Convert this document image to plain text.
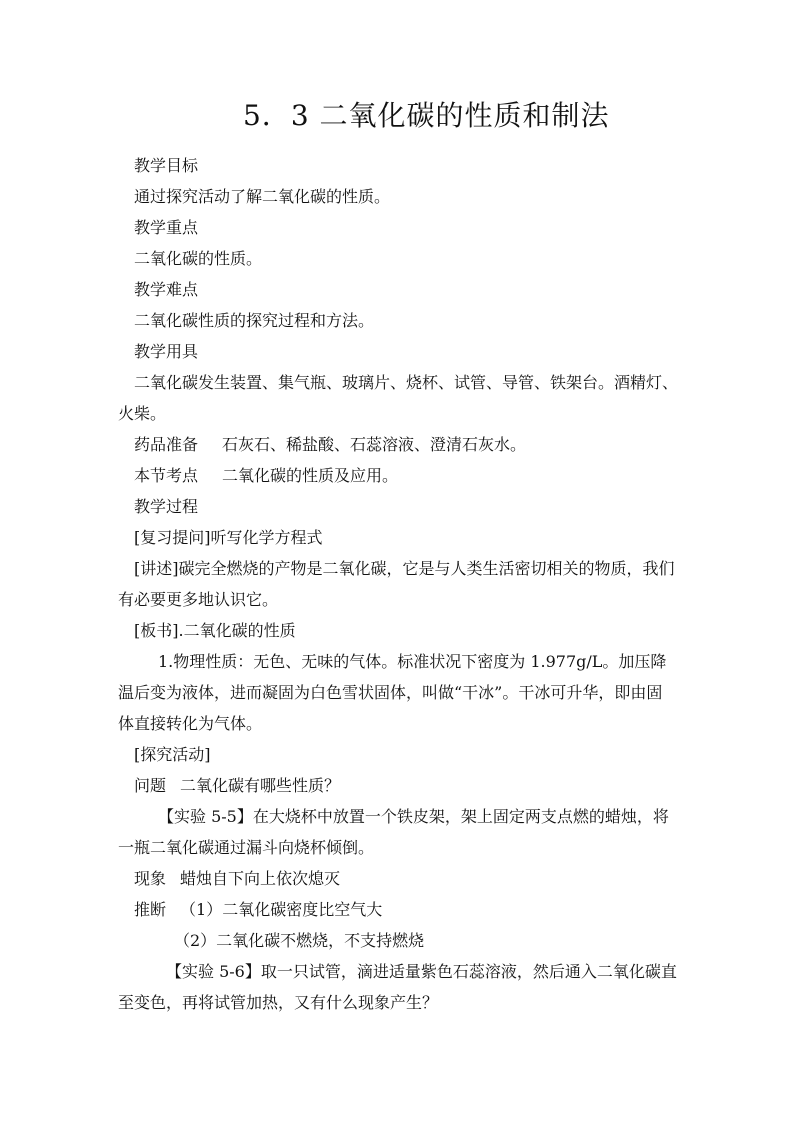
5．3 二氧化碳的性质和制法

教学目标

通过探究活动了解二氧化碳的性质。

教学重点

二氧化碳的性质。

教学难点

二氧化碳性质的探究过程和方法。

教学用具

二氧化碳发生装置、集气瓶、玻璃片、烧杯、试管、导管、铁架台。酒精灯、火柴。

药品准备 石灰石、稀盐酸、石蕊溶液、澄清石灰水。

本节考点 二氧化碳的性质及应用。

教学过程

[复习提问]听写化学方程式

[讲述]碳完全燃烧的产物是二氧化碳，它是与人类生活密切相关的物质，我们有必要更多地认识它。

[板书].二氧化碳的性质

1.物理性质：无色、无味的气体。标准状况下密度为 1.977g/L。加压降温后变为液体，进而凝固为白色雪状固体，叫做“干冰”。干冰可升华，即由固体直接转化为气体。

[探究活动]

问题 二氧化碳有哪些性质？

【实验 5-5】在大烧杯中放置一个铁皮架，架上固定两支点燃的蜡烛，将一瓶二氧化碳通过漏斗向烧杯倾倒。

现象 蜡烛自下向上依次熄灭

推断 （1）二氧化碳密度比空气大

（2）二氧化碳不燃烧，不支持燃烧

【实验 5-6】取一只试管，滴进适量紫色石蕊溶液，然后通入二氧化碳直至变色，再将试管加热，又有什么现象产生？
